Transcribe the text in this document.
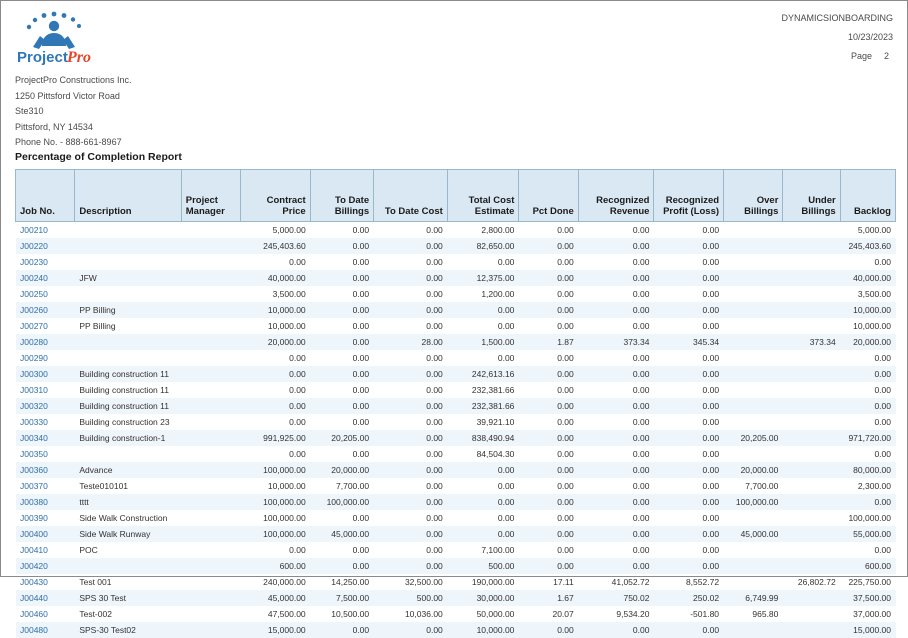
Project Pro
ProjectPro Constructions Inc.
1250 Pittsford Victor Road
Ste310
Pittsford, NY 14534
Phone No. - 888-661-8967
DYNAMICSIONBOARDING
10/23/2023
Page 2
Percentage of Completion Report
Job No.	Description	Project Manager	Contract Price	To Date Billings	To Date Cost	Total Cost Estimate	Pct Done	Recognized Revenue	Recognized Profit (Loss)	Over Billings	Under Billings	Backlog
J00210			5,000.00	0.00	0.00	2,800.00	0.00	0.00	0.00			5,000.00
J00220			245,403.60	0.00	0.00	82,650.00	0.00	0.00	0.00			245,403.60
J00230			0.00	0.00	0.00	0.00	0.00	0.00	0.00			0.00
J00240	JFW		40,000.00	0.00	0.00	12,375.00	0.00	0.00	0.00			40,000.00
J00250			3,500.00	0.00	0.00	1,200.00	0.00	0.00	0.00			3,500.00
J00260	PP Billing		10,000.00	0.00	0.00	0.00	0.00	0.00	0.00			10,000.00
J00270	PP Billing		10,000.00	0.00	0.00	0.00	0.00	0.00	0.00			10,000.00
J00280			20,000.00	0.00	28.00	1,500.00	1.87	373.34	345.34		373.34	20,000.00
J00290			0.00	0.00	0.00	0.00	0.00	0.00	0.00			0.00
J00300	Building construction 11		0.00	0.00	0.00	242,613.16	0.00	0.00	0.00			0.00
J00310	Building construction 11		0.00	0.00	0.00	232,381.66	0.00	0.00	0.00			0.00
J00320	Building construction 11		0.00	0.00	0.00	232,381.66	0.00	0.00	0.00			0.00
J00330	Building construction 23		0.00	0.00	0.00	39,921.10	0.00	0.00	0.00			0.00
J00340	Building construction-1		991,925.00	20,205.00	0.00	838,490.94	0.00	0.00	0.00	20,205.00		971,720.00
J00350			0.00	0.00	0.00	84,504.30	0.00	0.00	0.00			0.00
J00360	Advance		100,000.00	20,000.00	0.00	0.00	0.00	0.00	0.00	20,000.00		80,000.00
J00370	Teste010101		10,000.00	7,700.00	0.00	0.00	0.00	0.00	0.00	7,700.00		2,300.00
J00380	tttt		100,000.00	100,000.00	0.00	0.00	0.00	0.00	0.00	100,000.00		0.00
J00390	Side Walk Construction		100,000.00	0.00	0.00	0.00	0.00	0.00	0.00			100,000.00
J00400	Side Walk Runway		100,000.00	45,000.00	0.00	0.00	0.00	0.00	0.00	45,000.00		55,000.00
J00410	POC		0.00	0.00	0.00	7,100.00	0.00	0.00	0.00			0.00
J00420			600.00	0.00	0.00	500.00	0.00	0.00	0.00			600.00
J00430	Test 001		240,000.00	14,250.00	32,500.00	190,000.00	17.11	41,052.72	8,552.72		26,802.72	225,750.00
J00440	SPS 30 Test		45,000.00	7,500.00	500.00	30,000.00	1.67	750.02	250.02	6,749.99		37,500.00
J00460	Test-002		47,500.00	10,500.00	10,036.00	50,000.00	20.07	9,534.20	-501.80	965.80		37,000.00
J00480	SPS-30 Test02		15,000.00	0.00	0.00	10,000.00	0.00	0.00	0.00			15,000.00
